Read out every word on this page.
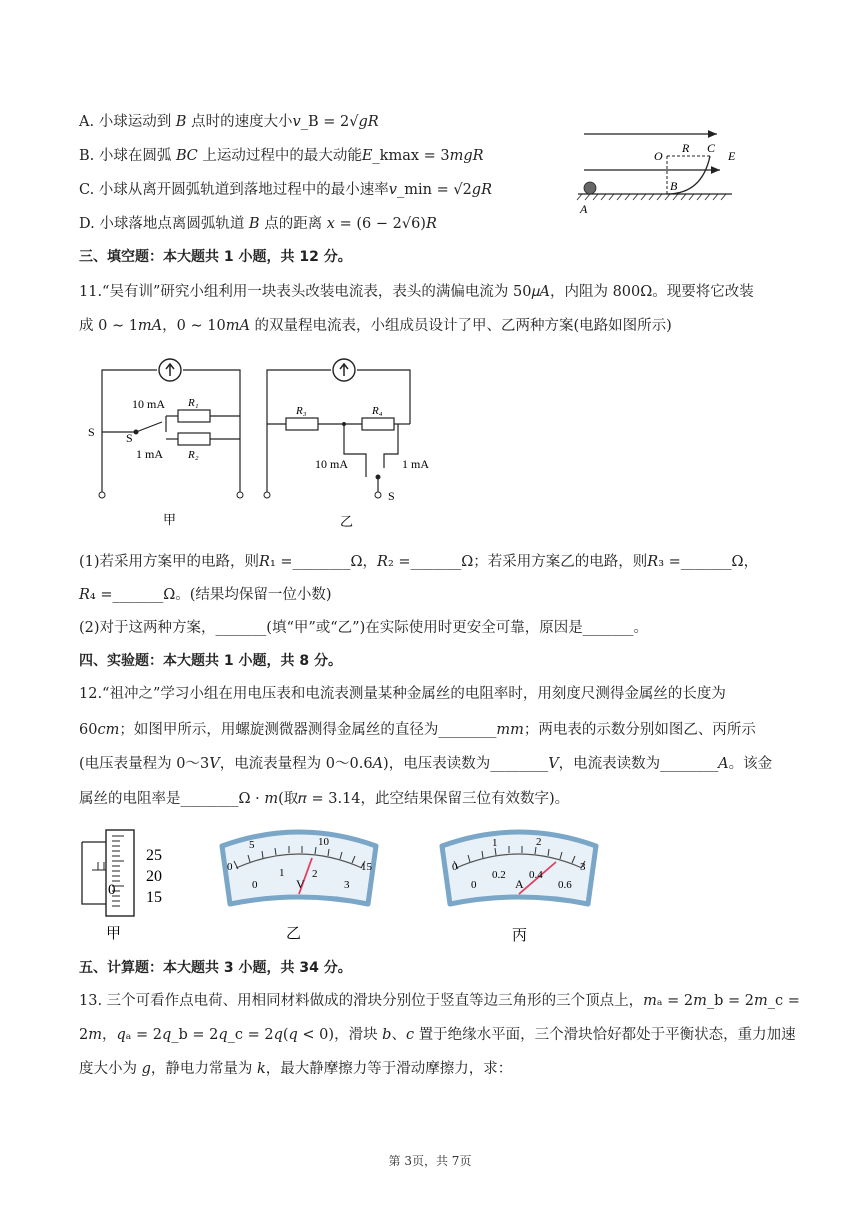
A. 小球运动到 𝐵 点时的速度大小𝑣_B = 2√𝑔𝑅
B. 小球在圆弧 𝐵𝐶 上运动过程中的最大动能𝐸_kmax = 3𝑚𝑔𝑅
C. 小球从离开圆弧轨道到落地过程中的最小速率𝑣_min = √2𝑔𝑅
D. 小球落地点离圆弧轨道 𝐵 点的距离 𝑥 = (6 − 2√6)𝑅
O
R C
E
B
A
三、填空题：本大题共 1 小题，共 12 分。
11.“吴有训”研究小组利用一块表头改装电流表，表头的满偏电流为 50𝜇𝐴，内阻为 800Ω。现要将它改装
成 0 ∼ 1𝑚𝐴，0 ∼ 10𝑚𝐴 的双量程电流表，小组成员设计了甲、乙两种方案(电路如图所示)
10 mA
1 mA
R₁
R₂
S	S
甲
R₃	R₄
10 mA	1 mA
S
乙
(1)若采用方案甲的电路，则𝑅₁ =________Ω，𝑅₂ =_______Ω；若采用方案乙的电路，则𝑅₃ =_______Ω，
𝑅₄ =_______Ω。(结果均保留一位小数)
(2)对于这两种方案，_______(填“甲”或“乙”)在实际使用时更安全可靠，原因是_______。
四、实验题：本大题共 1 小题，共 8 分。
12.“祖冲之”学习小组在用电压表和电流表测量某种金属丝的电阻率时，用刻度尺测得金属丝的长度为
60𝑐𝑚；如图甲所示，用螺旋测微器测得金属丝的直径为________𝑚𝑚；两电表的示数分别如图乙、丙所示
(电压表量程为 0～3𝑉，电流表量程为 0～0.6𝐴)，电压表读数为________𝑉，电流表读数为________𝐴。该金
属丝的电阻率是________Ω · 𝑚(取𝜋 = 3.14，此空结果保留三位有效数字)。
25
20
15
0
甲
5	10
0	15
0
1	2
3
V
乙
0
1	2
3
0
0.2 0.4
0.6
A
丙
五、计算题：本大题共 3 小题，共 34 分。
13. 三个可看作点电荷、用相同材料做成的滑块分别位于竖直等边三角形的三个顶点上，𝑚ₐ = 2𝑚_b = 2𝑚_c =
2𝑚，𝑞ₐ = 2𝑞_b = 2𝑞_c = 2𝑞(𝑞 < 0)，滑块 𝑏、𝑐 置于绝缘水平面，三个滑块恰好都处于平衡状态，重力加速
度大小为 𝑔，静电力常量为 𝑘，最大静摩擦力等于滑动摩擦力，求：
第 3页，共 7页
